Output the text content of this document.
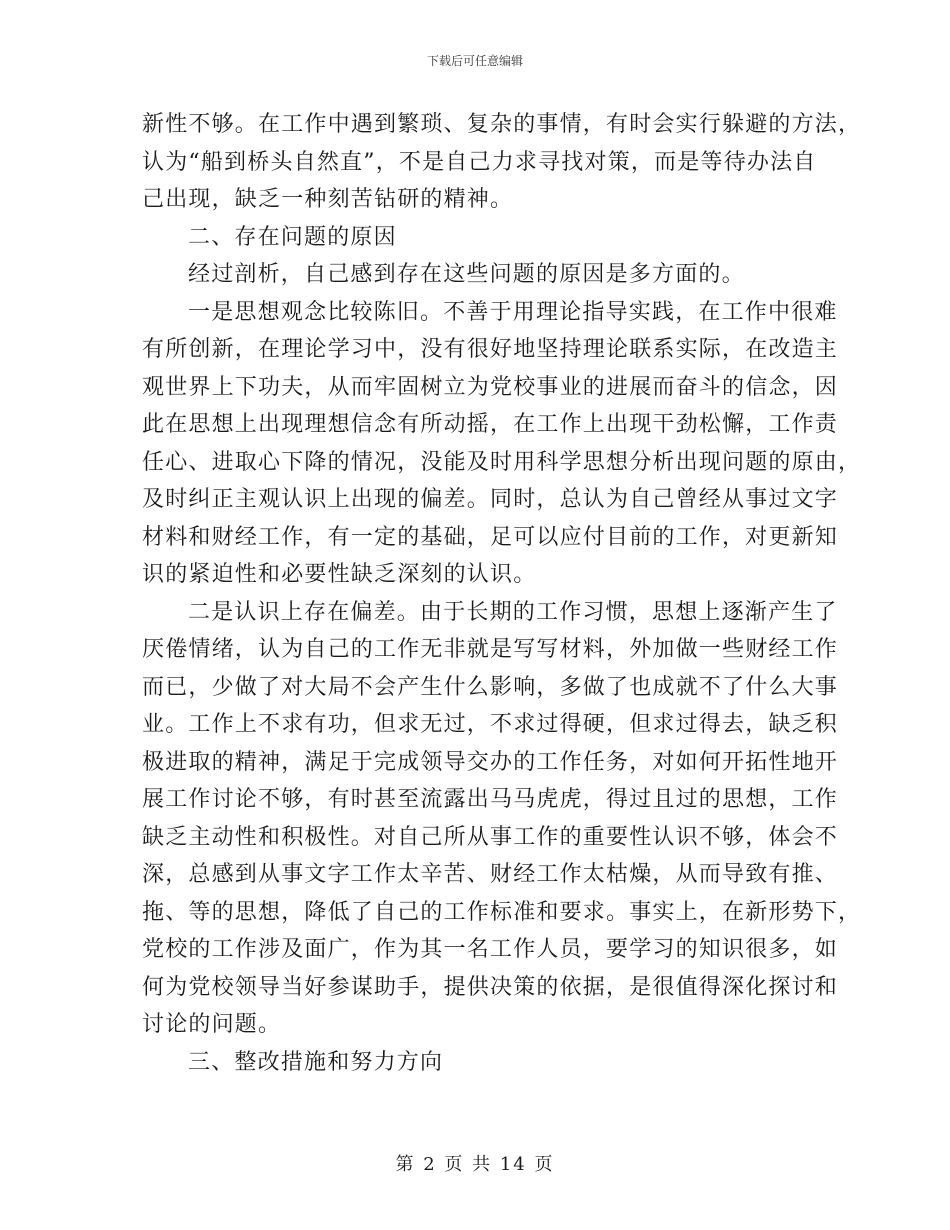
下载后可任意编辑
新性不够。在工作中遇到繁琐、复杂的事情，有时会实行躲避的方法，
认为“船到桥头自然直”，不是自己力求寻找对策，而是等待办法自
己出现，缺乏一种刻苦钻研的精神。
二、存在问题的原因
经过剖析，自己感到存在这些问题的原因是多方面的。
一是思想观念比较陈旧。不善于用理论指导实践，在工作中很难
有所创新，在理论学习中，没有很好地坚持理论联系实际，在改造主
观世界上下功夫，从而牢固树立为党校事业的进展而奋斗的信念，因
此在思想上出现理想信念有所动摇，在工作上出现干劲松懈，工作责
任心、进取心下降的情况，没能及时用科学思想分析出现问题的原由，
及时纠正主观认识上出现的偏差。同时，总认为自己曾经从事过文字
材料和财经工作，有一定的基础，足可以应付目前的工作，对更新知
识的紧迫性和必要性缺乏深刻的认识。
二是认识上存在偏差。由于长期的工作习惯，思想上逐渐产生了
厌倦情绪，认为自己的工作无非就是写写材料，外加做一些财经工作
而已，少做了对大局不会产生什么影响，多做了也成就不了什么大事
业。工作上不求有功，但求无过，不求过得硬，但求过得去，缺乏积
极进取的精神，满足于完成领导交办的工作任务，对如何开拓性地开
展工作讨论不够，有时甚至流露出马马虎虎，得过且过的思想，工作
缺乏主动性和积极性。对自己所从事工作的重要性认识不够，体会不
深，总感到从事文字工作太辛苦、财经工作太枯燥，从而导致有推、
拖、等的思想，降低了自己的工作标准和要求。事实上，在新形势下，
党校的工作涉及面广，作为其一名工作人员，要学习的知识很多，如
何为党校领导当好参谋助手，提供决策的依据，是很值得深化探讨和
讨论的问题。
三、整改措施和努力方向
第 2 页 共 14 页
